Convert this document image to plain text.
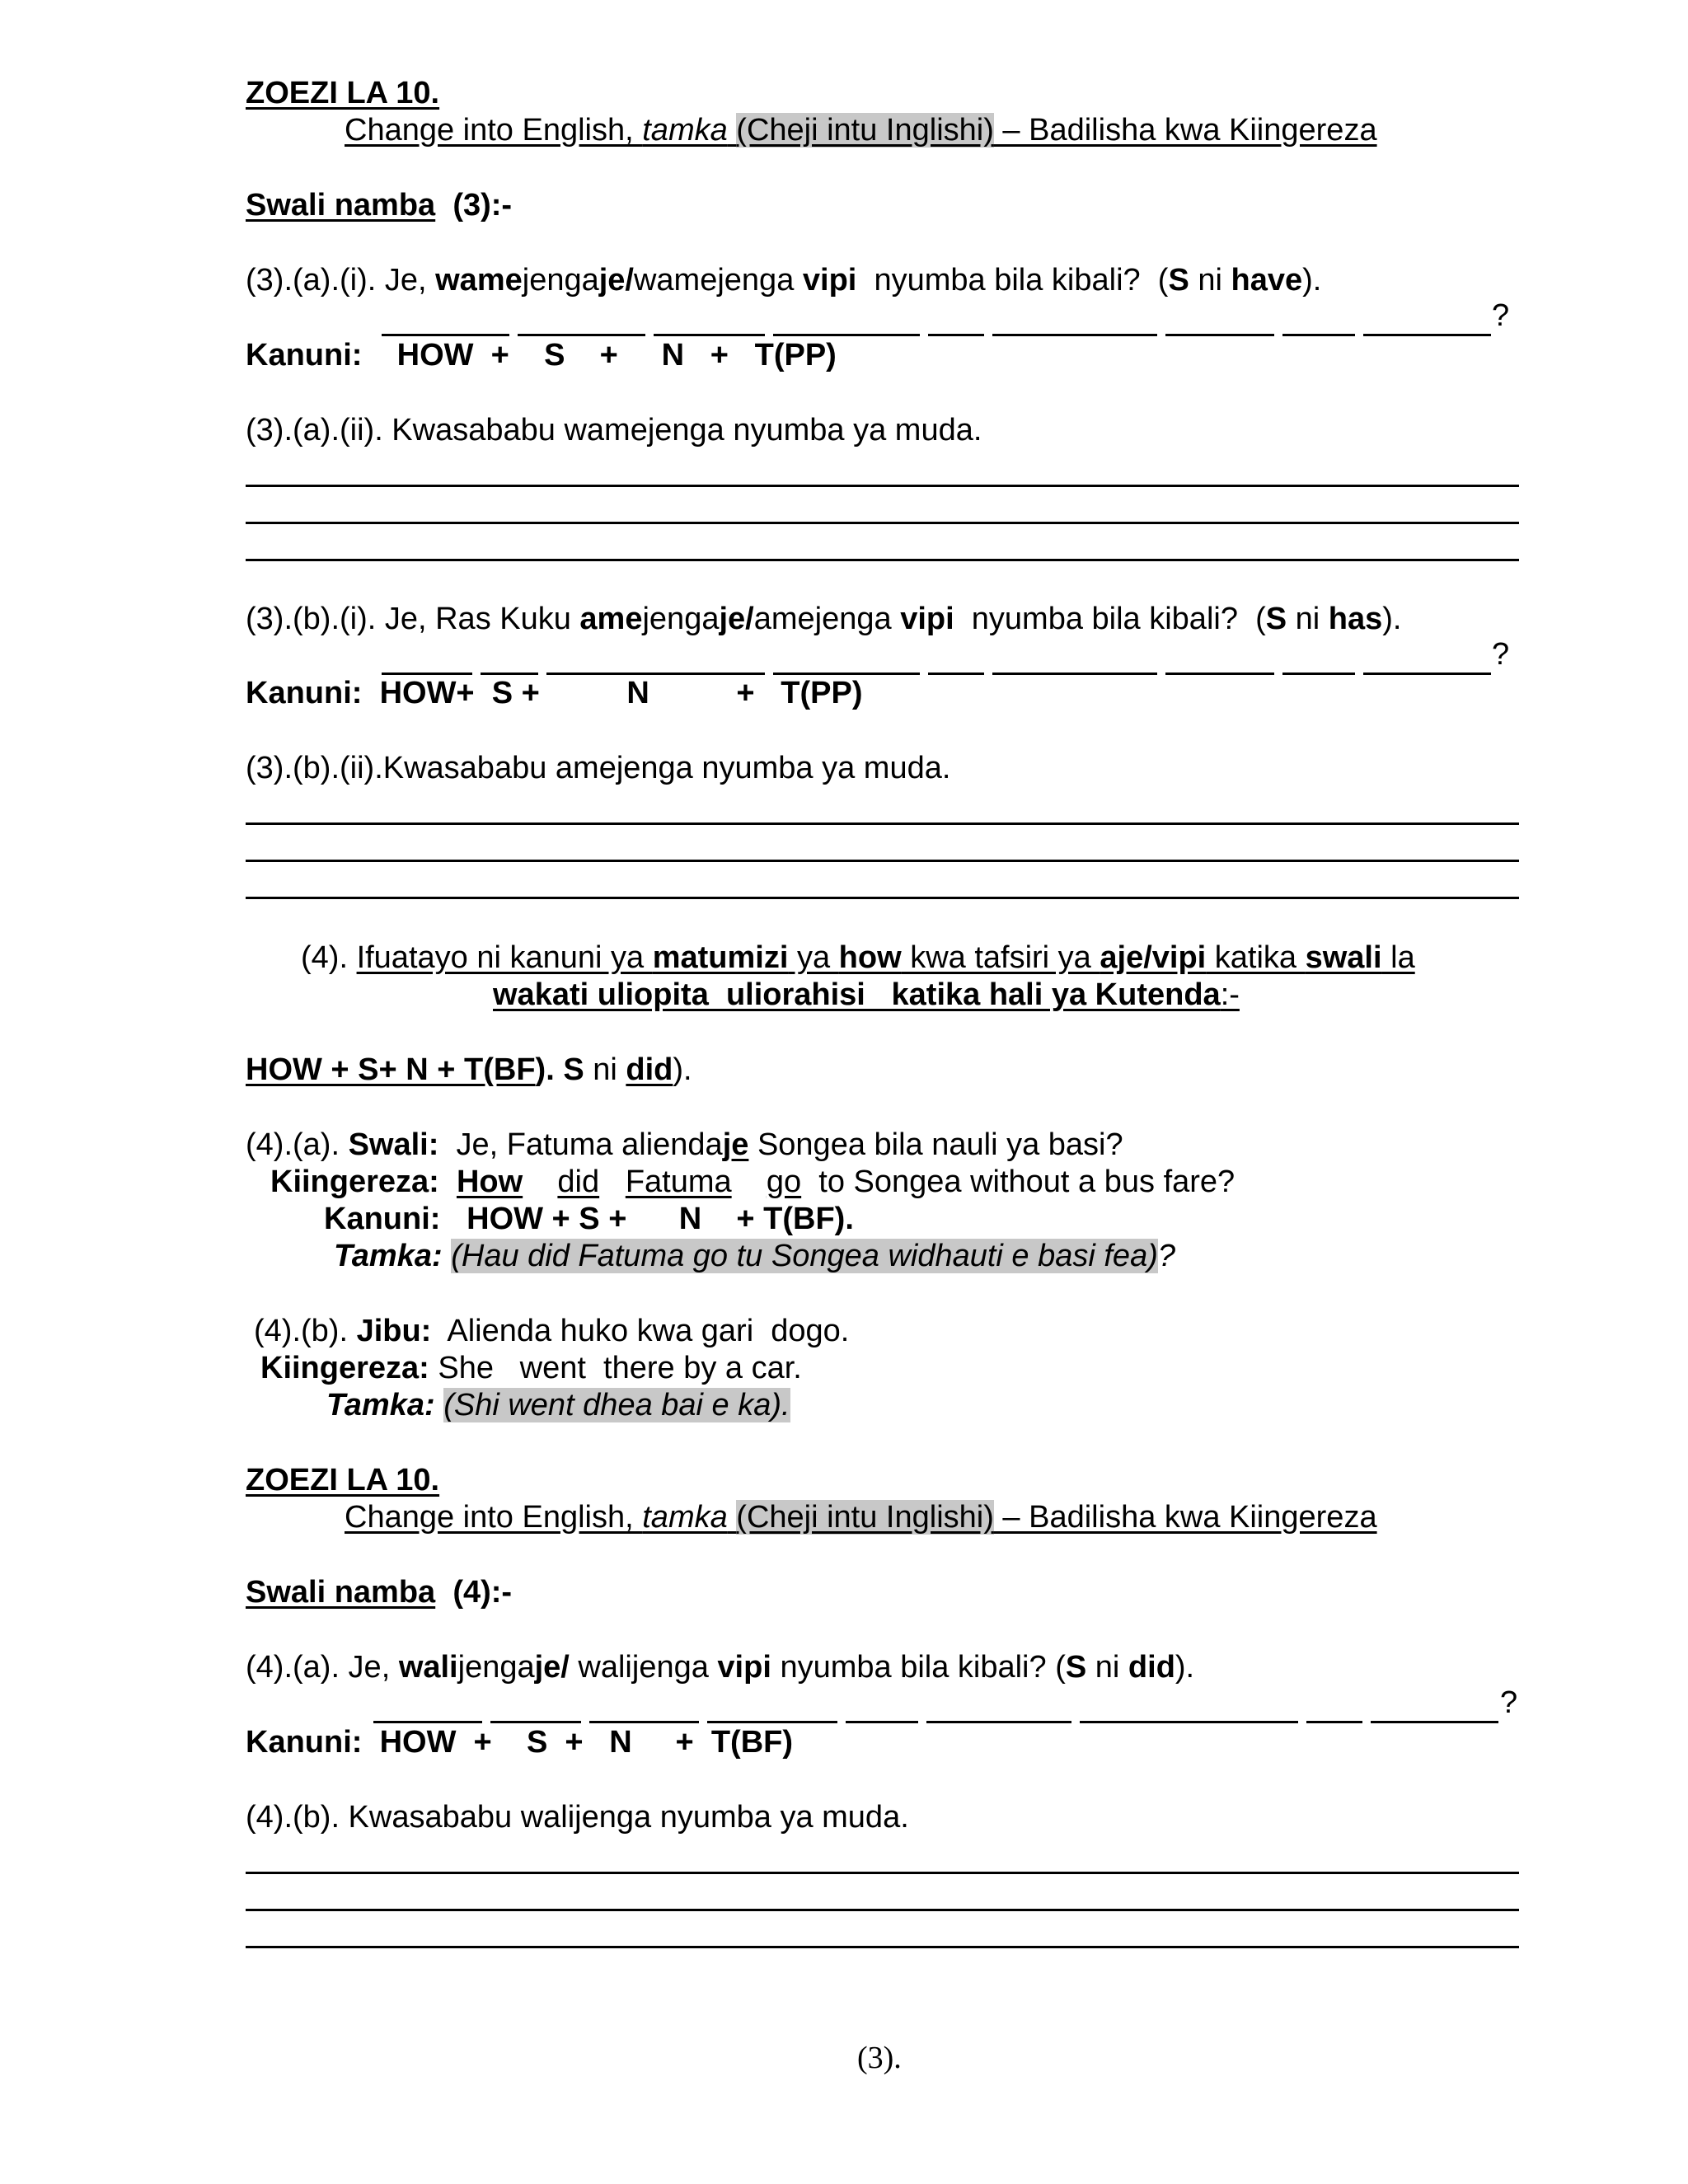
ZOEZI LA 10.
Change into English, tamka (Cheji intu Inglishi) – Badilisha kwa Kiingereza
Swali namba (3):-
(3).(a).(i). Je, wamejengaje/wamejenga vipi  nyumba bila kibali?  (S ni have).
?
Kanuni: HOW  +    S    +     N   +   T(PP)
(3).(a).(ii). Kwasababu wamejenga nyumba ya muda.
(3).(b).(i). Je, Ras Kuku amejengaje/amejenga vipi  nyumba bila kibali?  (S ni has).
?
Kanuni: HOW+  S +          N          +   T(PP)
(3).(b).(ii).Kwasababu amejenga nyumba ya muda.
(4). Ifuatayo ni kanuni ya matumizi ya how kwa tafsiri ya aje/vipi katika swali la
wakati uliopita  uliorahisi   katika hali ya Kutenda:-
HOW + S+ N + T(BF). S ni did).
(4).(a). Swali:  Je, Fatuma aliendaje Songea bila nauli ya basi?
Kiingereza: How did Fatuma go  to Songea without a bus fare?
Kanuni: HOW + S +      N    + T(BF).
Tamka: (Hau did Fatuma go tu Songea widhauti e basi fea)?
(4).(b). Jibu:  Alienda huko kwa gari  dogo.
Kiingereza: She   went  there by a car.
Tamka: (Shi went dhea bai e ka).
ZOEZI LA 10.
Change into English, tamka (Cheji intu Inglishi) – Badilisha kwa Kiingereza
Swali namba (4):-
(4).(a). Je, walijengaje/ walijenga vipi nyumba bila kibali? (S ni did).
?
Kanuni: HOW  +    S  +   N     +  T(BF)
(4).(b). Kwasababu walijenga nyumba ya muda.
(3).
